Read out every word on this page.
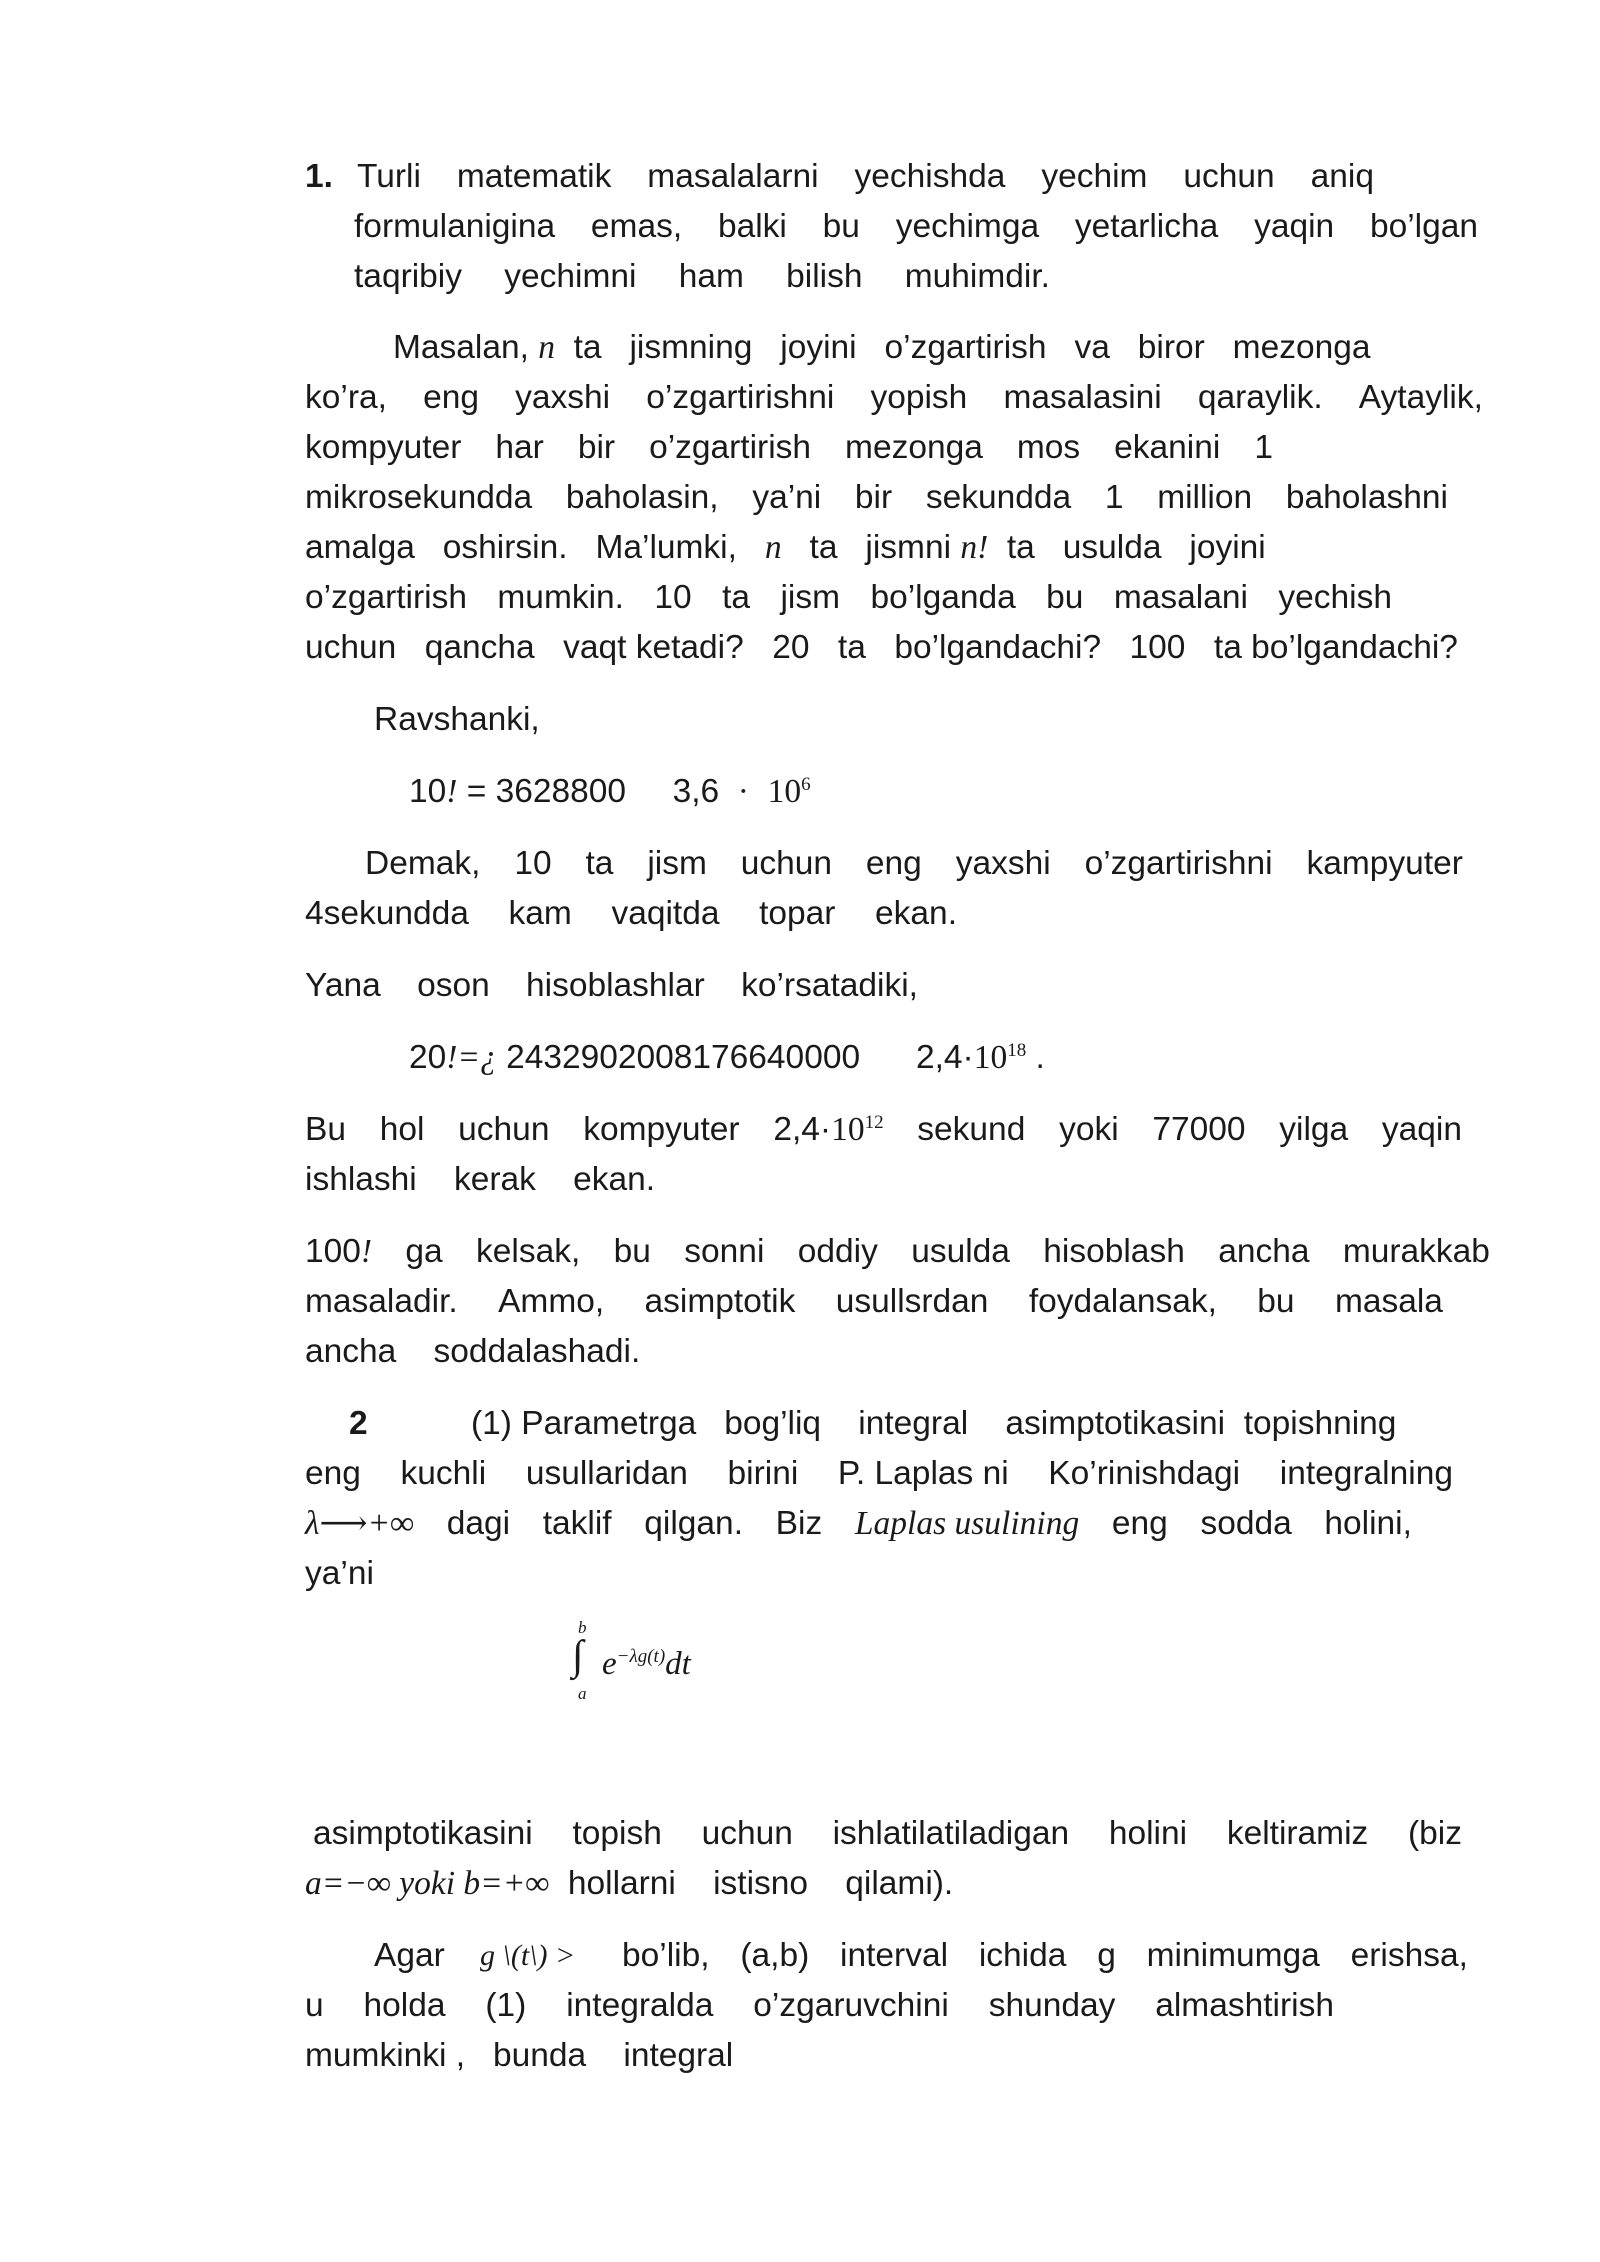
1. Turli matematik masalalarni yechishda yechim uchun aniq
formulanigina emas, balki bu yechimga yetarlicha yaqin bo’lgan
taqribiy yechimni ham bilish muhimdir.
Masalan, n ta   jismning   joyini   o’zgartirish   va   biror   mezonga
ko’ra, eng yaxshi o’zgartirishni yopish masalasini qaraylik. Aytaylik,
kompyuter har bir o’zgartirish mezonga mos ekanini 1
mikrosekundda baholasin, ya’ni bir sekundda 1 million baholashni
amalga   oshirsin.   Ma’lumki, n ta   jismni n! ta   usulda   joyini
o’zgartirish mumkin. 10 ta jism bo’lganda bu masalani yechish
uchun qancha vaqt ketadi? 20 ta bo’lgandachi? 100 ta bo’lgandachi?
Ravshanki,
10! = 3628800 $3,6 \cdot 10^6$
Demak, 10 ta jism uchun eng yaxshi o’zgartirishni kampyuter
4sekundda kam vaqitda topar ekan.
Yana oson hisoblashlar ko’rsatadiki,
20!=¿ 2432902008176640000 $2,4\cdot 10^{18}$ .
Bu hol uchun kompyuter $2,4\cdot 10^{12}$ sekund yoki 77000 yilga yaqin
ishlashi    kerak    ekan.
100! ga kelsak, bu sonni oddiy usulda hisoblash ancha murakkab
masaladir. Ammo, asimptotik usullsrdan foydalansak, bu masala
ancha    soddalashadi.
2	(1) Parametrga   bog’liq    integral    asimptotikasini  topishning
eng kuchli usullaridan birini P. Laplas ni Ko’rinishdagi integralning
λ⟶+∞ dagi taklif qilgan. Biz Laplas usulining eng sodda holini,
ya’ni
b
∫
a
$e^{-\lambda g(t)}dt$
asimptotikasini topish uchun ishlatilatiladigan holini keltiramiz (biz
a=−∞ yoki b=+∞ hollarni    istisno    qilami).
Agar g \(t\) > bo’lib, (a,b) interval ichida g minimumga erishsa,
u holda (1) integralda o’zgaruvchini shunday almashtirish
mumkinki ,   bunda    integral
